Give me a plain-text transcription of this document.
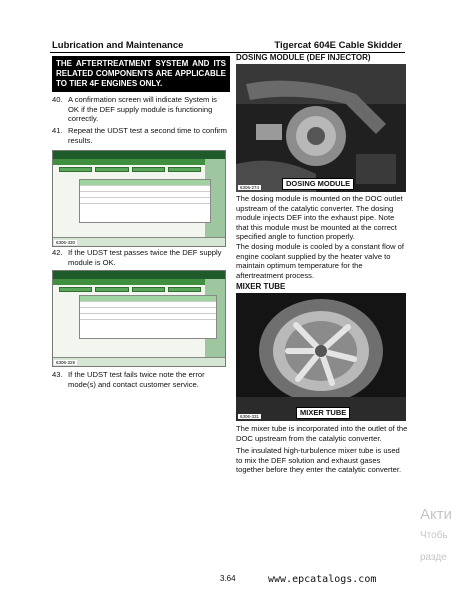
Lubrication and Maintenance	Tigercat 604E Cable Skidder
THE AFTERTREATMENT SYSTEM AND ITS RELATED COMPONENTS ARE APPLICABLE TO TIER 4F ENGINES ONLY.
40. A confirmation screen will indicate System is OK if the DEF supply module is functioning correctly.
41. Repeat the UDST test a second time to confirm results.
6306-330
42. If the UDST test passes twice the DEF supply module is OK.
6306-329
43. If the UDST test fails twice note the error mode(s) and contact customer service.
DOSING MODULE (DEF INJECTOR)
6306-274	DOSING MODULE
The dosing module is mounted on the DOC outlet upstream of the catalytic converter. The dosing module injects DEF into the exhaust pipe. Note that this module must be mounted at the correct specified angle to function properly.
The dosing module is cooled by a constant flow of engine coolant supplied by the heater valve to maintain optimum temperature for the aftertreatment process.
MIXER TUBE
6306-331	MIXER TUBE
The mixer tube is incorporated into the outlet of the DOC upstream from the catalytic converter.
The insulated high-turbulence mixer tube is used to mix the DEF solution and exhaust gases together before they enter the catalytic converter.
3.64	www.epcatalogs.com
Акти
Чтобь
разде
